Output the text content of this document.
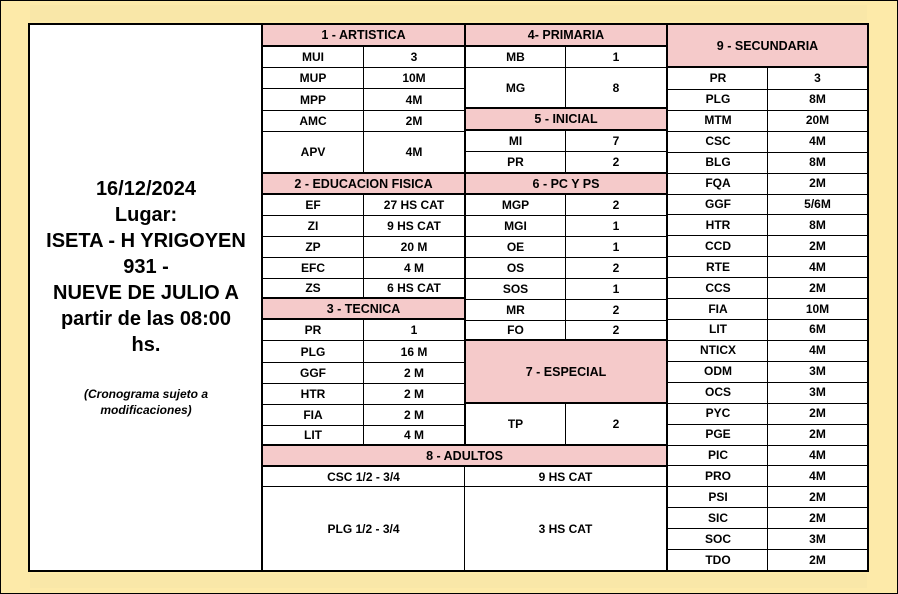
16/12/2024
Lugar:
ISETA - H YRIGOYEN
931 -
NUEVE DE JULIO A
partir de las 08:00
hs.
(Cronograma sujeto a modificaciones)
1 - ARTISTICA
MUI	3
MUP	10M
MPP	4M
AMC	2M
APV	4M
2 - EDUCACION FISICA
EF	27 HS CAT
ZI	9 HS CAT
ZP	20 M
EFC	4 M
ZS	6 HS CAT
3 - TECNICA
PR	1
PLG	16 M
GGF	2 M
HTR	2 M
FIA	2 M
LIT	4 M
4- PRIMARIA
MB	1
MG	8
5 - INICIAL
MI	7
PR	2
6 - PC Y PS
MGP	2
MGI	1
OE	1
OS	2
SOS	1
MR	2
FO	2
7 - ESPECIAL
TP	2
8 - ADULTOS
CSC 1/2 - 3/4	9 HS CAT
PLG 1/2 - 3/4	3 HS CAT
9 - SECUNDARIA
PR	3
PLG	8M
MTM	20M
CSC	4M
BLG	8M
FQA	2M
GGF	5/6M
HTR	8M
CCD	2M
RTE	4M
CCS	2M
FIA	10M
LIT	6M
NTICX	4M
ODM	3M
OCS	3M
PYC	2M
PGE	2M
PIC	4M
PRO	4M
PSI	2M
SIC	2M
SOC	3M
TDO	2M
